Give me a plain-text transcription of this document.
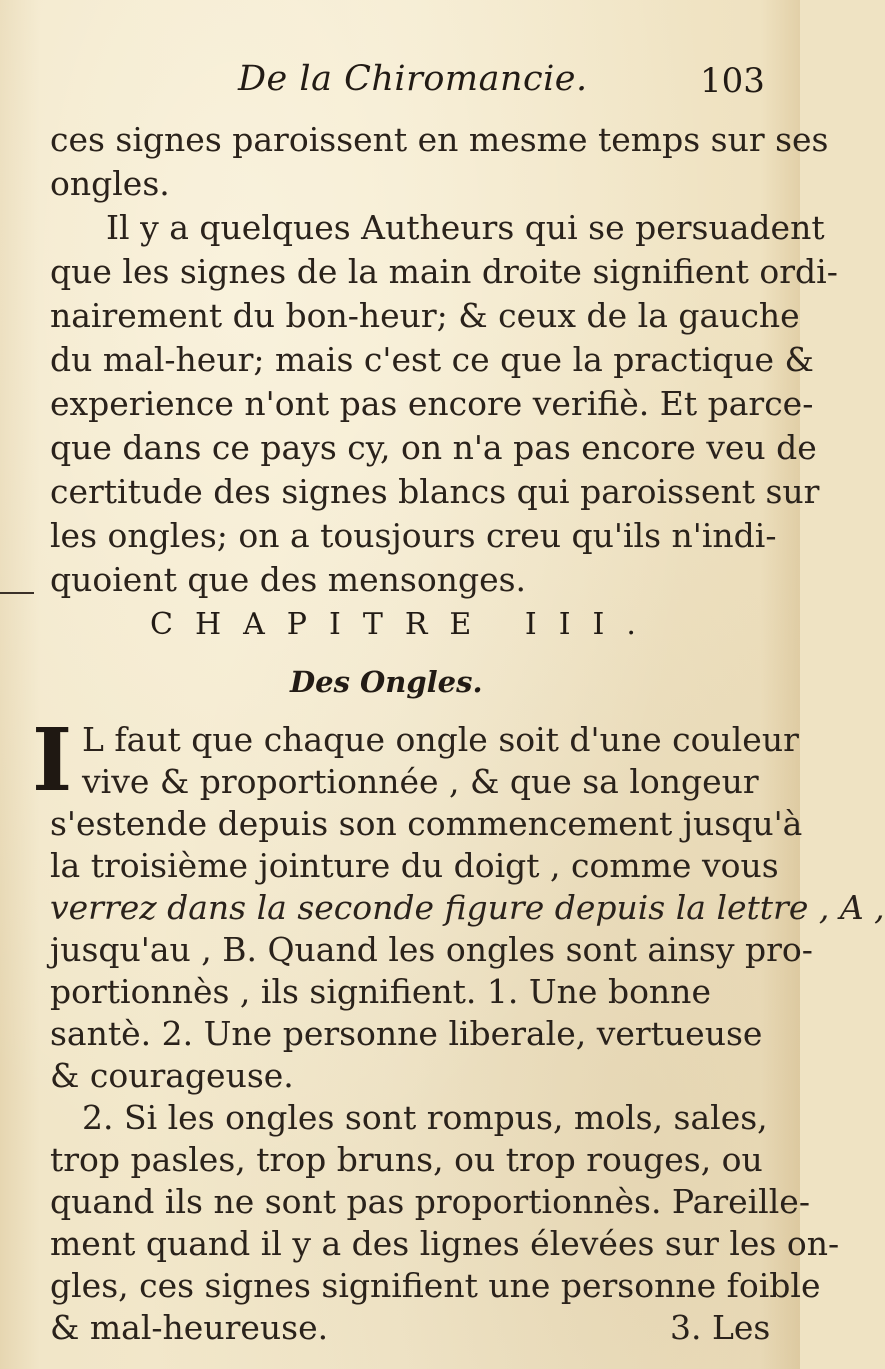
De la Chiromancie.	103
ces signes paroissent en mesme temps sur ses
ongles.
Il y a quelques Autheurs qui se persuadent
que les signes de la main droite signifient ordi-
nairement du bon-heur; & ceux de la gauche
du mal-heur; mais c'est ce que la practique &
experience n'ont pas encore verifiè. Et parce-
que dans ce pays cy, on n'a pas encore veu de
certitude des signes blancs qui paroissent sur
les ongles; on a tousjours creu qu'ils n'indi-
quoient que des mensonges.
CHAPITRE III.
Des Ongles.
I L faut que chaque ongle soit d'une couleur
vive & proportionnée , & que sa longeur
s'estende depuis son commencement jusqu'à
la troisième jointure du doigt , comme vous
verrez dans la seconde figure depuis la lettre , A ,
jusqu'au , B. Quand les ongles sont ainsy pro-
portionnès , ils signifient. 1. Une bonne
santè. 2. Une personne liberale, vertueuse
& courageuse.
2. Si les ongles sont rompus, mols, sales,
trop pasles, trop bruns, ou trop rouges, ou
quand ils ne sont pas proportionnès. Pareille-
ment quand il y a des lignes élevées sur les on-
gles, ces signes signifient une personne foible
& mal-heureuse.	3. Les
